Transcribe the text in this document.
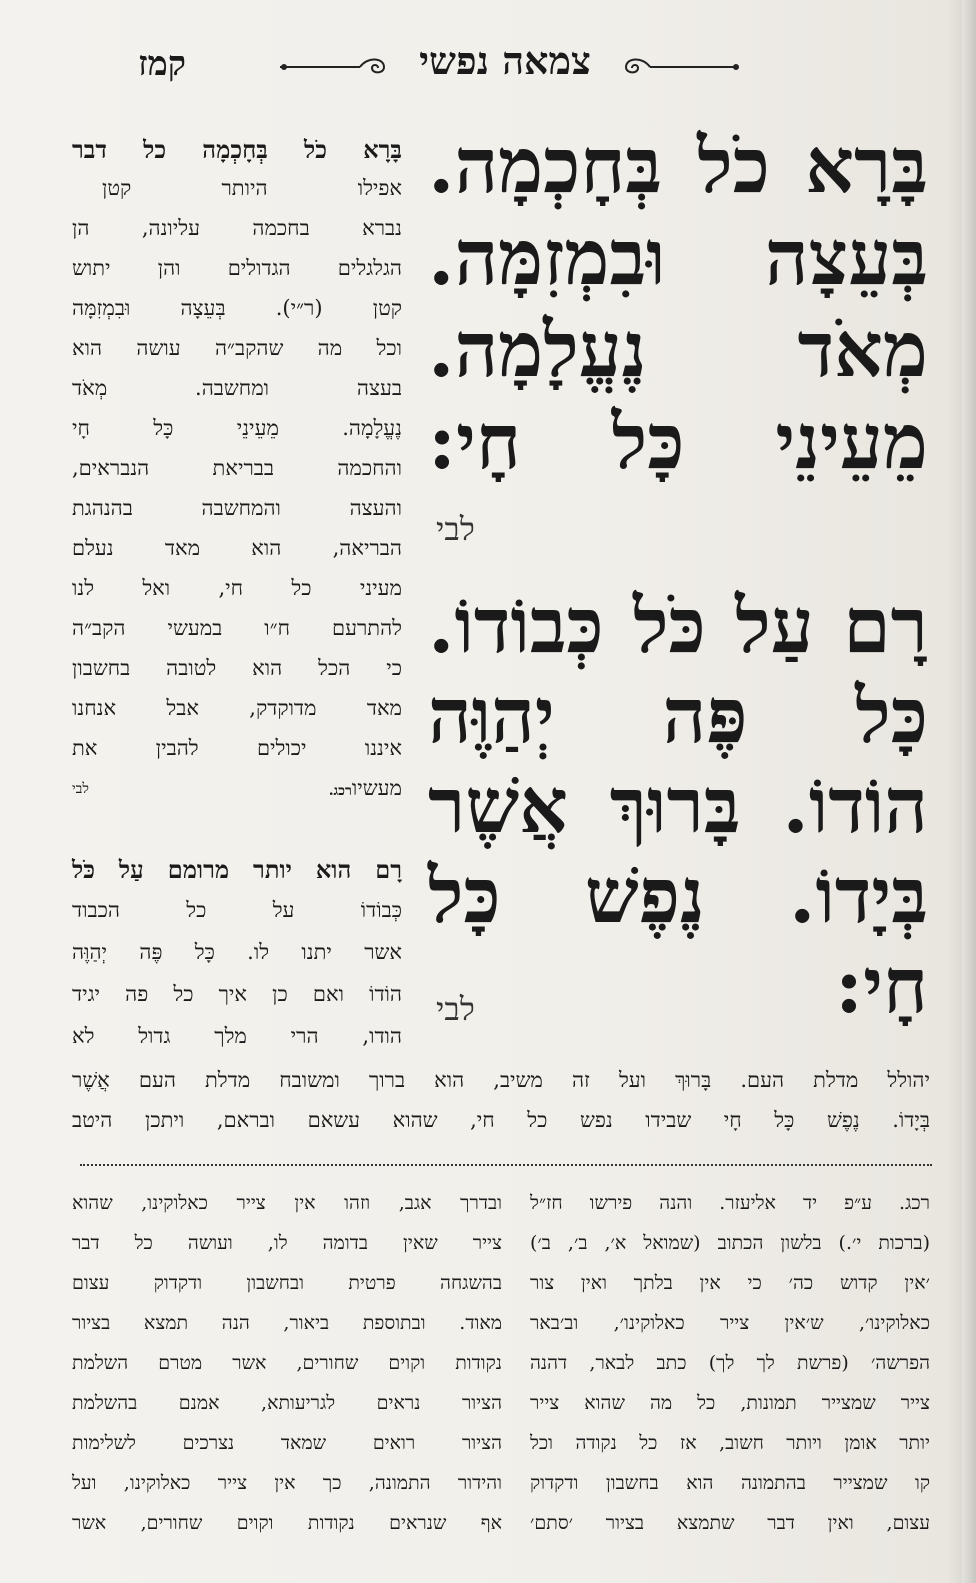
קמז	צמאה נפשי
בָּרָא כֹל בְּחָכְמָה.
בְּעֵצָה וּבִמְזִמָּה.
מְאֹד נֶעֱלָמָה.
מֵעֵינֵי כָּל חָי:
לבי
רָם עַל כֹּל כְּבוֹדוֹ.
כָּל פֶּה יְהַוֶּה
הוֹדוֹ. בָּרוּךְ אֲשֶׁר
בְּיָדוֹ. נֶפֶשׁ כָּל
חָי:
לבי
בָּרָא כֹל בְּחָכְמָה כל דבר
אפילו היותר קטן
נברא בחכמה עליונה, הן
הגלגלים הגדולים והן יתוש
קטן (ר״י). בְּעֵצָה וּבִמְזִמָּה
וכל מה שהקב״ה עושה הוא
בעצה ומחשבה. מְאֹד
נֶעֱלָמָה. מֵעֵינֵי כָּל חָי
והחכמה בבריאת הנבראים,
והעצה והמחשבה בהנהגת
הבריאה, הוא מאד נעלם
מעיני כל חי, ואל לנו
להתרעם ח״ו במעשי הקב״ה
כי הכל הוא לטובה בחשבון
מאד מדוקדק, אבל אנחנו
איננו יכולים להבין את
מעשיורכג.
לבי
רָם הוא יותר מרומם עַל כֹּל
כְּבוֹדוֹ על כל הכבוד
אשר יתנו לו. כָּל פֶּה יְהַוֶּה
הוֹדוֹ ואם כן איך כל פה יגיד
הודו, הרי מלך גדול לא
יהולל מדלת העם. בָּרוּךְ ועל זה משיב, הוא ברוך ומשובח מדלת העם אֲשֶׁר
בְּיָדוֹ. נֶפֶשׁ כָּל חָי שבידו נפש כל חי, שהוא עשאם ובראם, ויתכן היטב
רכג. ע״פ יד אליעזר. והנה פירשו חז״ל
(ברכות י׳.) בלשון הכתוב (שמואל א׳, ב׳, ב׳)
׳אין קדוש כה׳ כי אין בלתך ואין צור
כאלוקינו׳, ש׳אין צייר כאלוקינו׳, וב׳באר
הפרשה׳ (פרשת לך לך) כתב לבאר, דהנה
צייר שמצייר תמונות, כל מה שהוא צייר
יותר אומן ויותר חשוב, אז כל נקודה וכל
קו שמצייר בהתמונה הוא בחשבון ודקדוק
עצום, ואין דבר שתמצא בציור ׳סתם׳
ובדרך אגב, וזהו אין צייר כאלוקינו, שהוא
צייר שאין בדומה לו, ועושה כל דבר
בהשגחה פרטית ובחשבון ודקדוק עצום
מאוד. ובתוספת ביאור, הנה תמצא בציור
נקודות וקוים שחורים, אשר מטרם השלמת
הציור נראים לגריעותא, אמנם בהשלמת
הציור רואים שמאד נצרכים לשלימות
והידור התמונה, כך אין צייר כאלוקינו, ועל
אף שנראים נקודות וקוים שחורים, אשר
